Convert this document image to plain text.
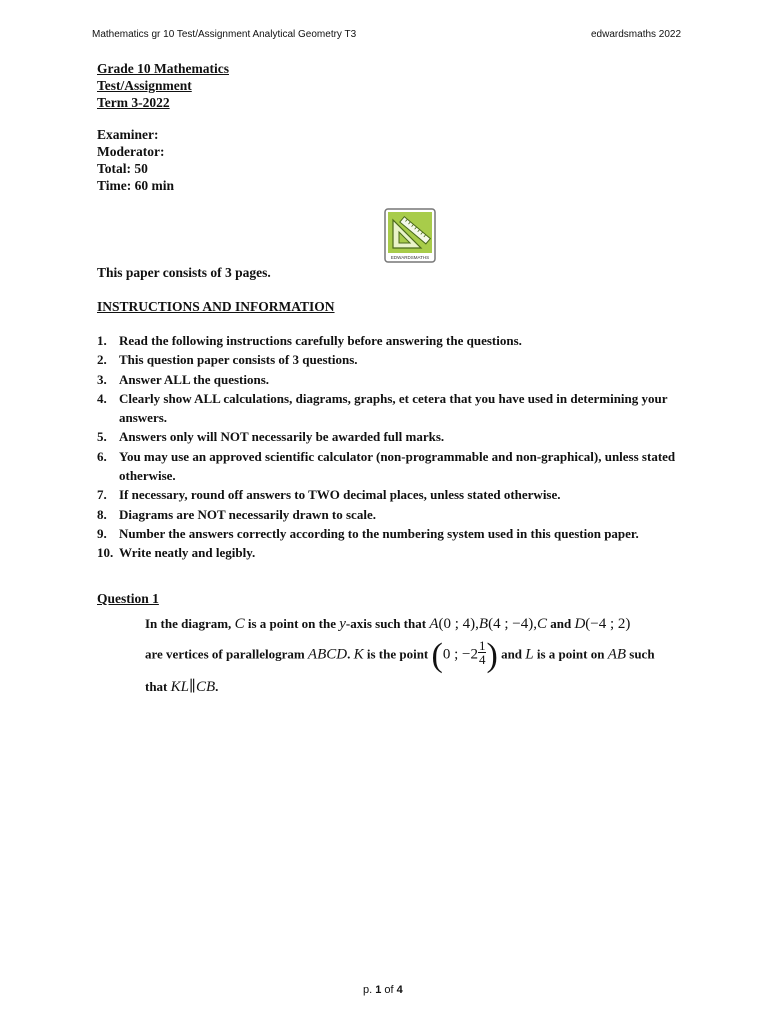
Mathematics gr 10 Test/Assignment Analytical Geometry T3	edwardsmaths 2022
Grade 10 Mathematics
Test/Assignment
Term 3-2022
Examiner:
Moderator:
Total: 50
Time: 60 min
EDWARDSMATHS
This paper consists of 3 pages.
INSTRUCTIONS AND INFORMATION
1. Read the following instructions carefully before answering the questions.
2. This question paper consists of 3 questions.
3. Answer ALL the questions.
4. Clearly show ALL calculations, diagrams, graphs, et cetera that you have used in determining your answers.
5. Answers only will NOT necessarily be awarded full marks.
6. You may use an approved scientific calculator (non-programmable and non-graphical), unless stated otherwise.
7. If necessary, round off answers to TWO decimal places, unless stated otherwise.
8. Diagrams are NOT necessarily drawn to scale.
9. Number the answers correctly according to the numbering system used in this question paper.
10. Write neatly and legibly.
Question 1
In the diagram, C is a point on the y-axis such that A(0 ; 4),B(4 ; −4),C and D(−4 ; 2)
are vertices of parallelogram ABCD. K is the point (0 ; $-2 \frac{1}{4}$ ) and L is a point on AB such
that KL∥CB.
p. 1 of 4
